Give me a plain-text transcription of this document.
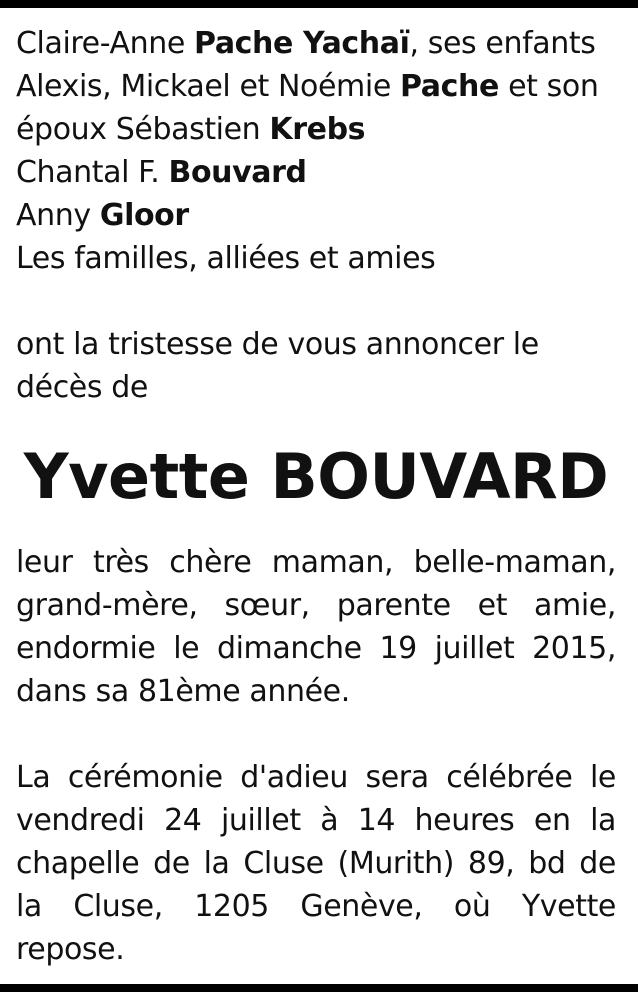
Claire-Anne Pache Yachaï, ses enfants
Alexis, Mickael et Noémie Pache et son
époux Sébastien Krebs
Chantal F. Bouvard
Anny Gloor
Les familles, alliées et amies
ont la tristesse de vous annoncer le
décès de
Yvette BOUVARD
leur très chère maman, belle-maman,
grand-mère, sœur, parente et amie,
endormie le dimanche 19 juillet 2015,
dans sa 81ème année.
La cérémonie d'adieu sera célébrée le
vendredi 24 juillet à 14 heures en la
chapelle de la Cluse (Murith) 89, bd de
la Cluse, 1205 Genève, où Yvette
repose.
